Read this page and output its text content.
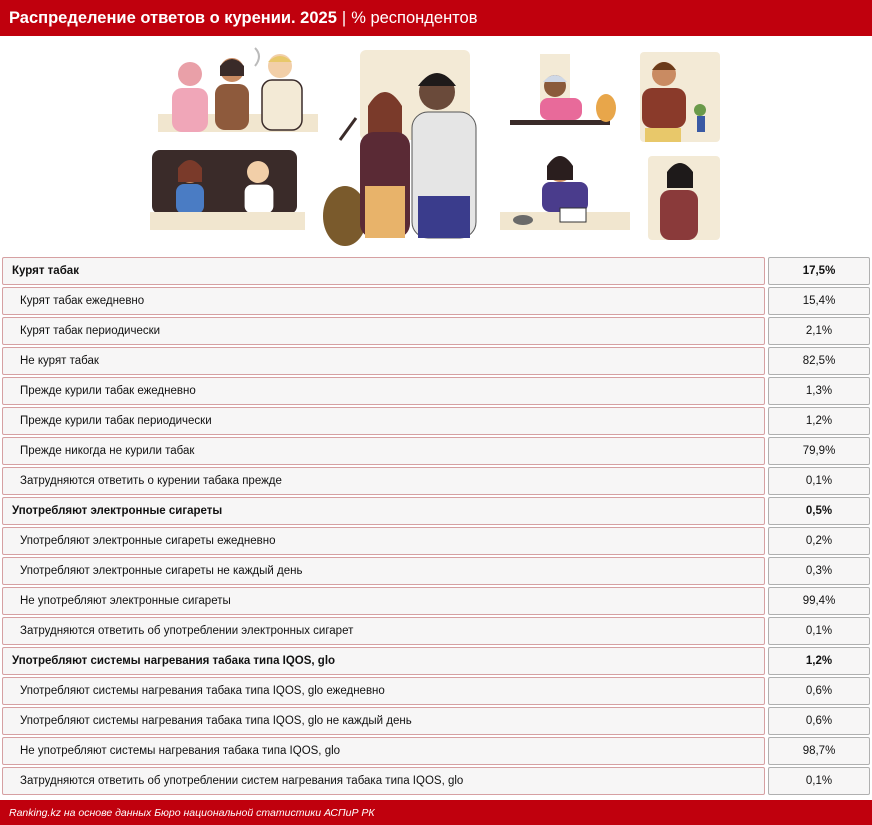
Распределение ответов о курении. 2025 | % респондентов
Курят табак	17,5%
Курят табак ежедневно	15,4%
Курят табак периодически	2,1%
Не курят табак	82,5%
Прежде курили табак ежедневно	1,3%
Прежде курили табак периодически	1,2%
Прежде никогда не курили табак	79,9%
Затрудняются ответить о курении табака прежде	0,1%
Употребляют электронные сигареты	0,5%
Употребляют электронные сигареты ежедневно	0,2%
Употребляют электронные сигареты не каждый день	0,3%
Не употребляют электронные сигареты	99,4%
Затрудняются ответить об употреблении электронных сигарет	0,1%
Употребляют системы нагревания табака типа IQOS, glo	1,2%
Употребляют системы нагревания табака типа IQOS, glo ежедневно	0,6%
Употребляют системы нагревания табака типа IQOS, glo не каждый день	0,6%
Не употребляют системы нагревания табака типа IQOS, glo	98,7%
Затрудняются ответить об употреблении систем нагревания табака типа IQOS, glo	0,1%
Ranking.kz на основе данных Бюро национальной статистики АСПиР РК
